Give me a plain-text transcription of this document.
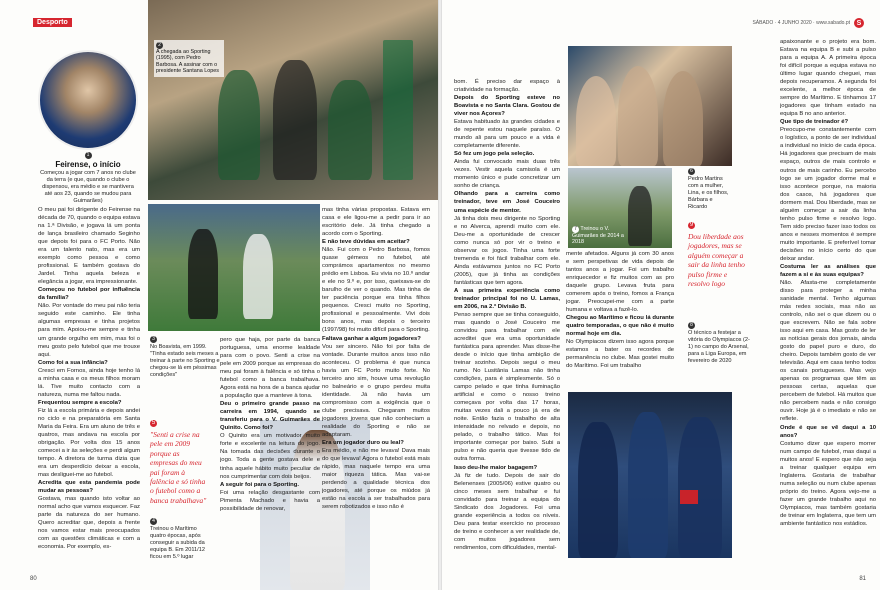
Desporto
1
Feirense, o início
Começou a jogar com 7 anos no clube da terra (e que, quando o clube o dispensou, era médio e se mantivera até aos 23, quando se mudou para Guimarães)
2
A chegada ao Sporting (1995), com Pedro Barbosa. A assinar com o presidente Santana Lopes
3
No Boavista, em 1999. "Tinha estado seis meses a treinar à parte no Sporting e chegou-se lá em péssimas condições"
5
"Senti a crise na pele em 2009 porque as empresas do meu pai foram à falência e só tinha o futebol como a banca trabalhava"
4
Treinou o Marítimo quatro épocas, após conseguir a subida da equipa B. Em 2011/12 ficou em 5.º lugar

O meu pai foi dirigente do Feirense na década de 70, quando o equipa estava na 1.ª Divisão, e jogava lá um ponta de lança brasileiro chamado Seginho que depois foi para o FC Porto. Não era um talento nato, mas era um exemplo como pessoa e como profissional. E também gostava do Jardel. Tinha aquela beleza e elegância a jogar, era impressionante.

Começou no futebol por influência da família?

Não. Por vontade do meu pai não teria seguido este caminho. Ele tinha algumas empresas e tinha projetos para mim. Apoiou-me sempre e tinha um grande orgulho em mim, mas foi o meu gosto pelo futebol que me trouxe aqui.

Como foi a sua infância?

Cresci em Fornos, ainda hoje tenho lá a minha casa e os meus filhos moram lá. Tive muito contacto com a natureza, numa me faltou nada.

Frequentou sempre a escola?

Fiz lá a escola primária e depois andei no ciclo e na preparatória em Santa Maria da Feira. Era um aluno de três e quatros, mas andava na escola por obrigação. Por volta dos 15 anos comecei a ir às seleções e perdi algum tempo. A diretora de turma dizia que era um desperdício deixar a escola, mas desliguei-me ao futebol.

Acredita que esta pandemia pode mudar as pessoas?

Gostava, mas quando isto voltar ao normal acho que vamos esquecer. Faz parte da natureza do ser humano. Quero acreditar que, depois a frente nos vamos estar mais preocupados com as questões climáticas e com a economia. Por exemplo, es-

pero que haja, por parte da banca portuguesa, uma enorme lealdade para com o povo. Senti a crise na pele em 2009 porque as empresas do meu pai foram à falência e só tinha o futebol como a banca trabalhava. Agora está na hora de a banca ajudar a população que a manteve à tona.

Deu o primeiro grande passo na carreira em 1994, quando se transferiu para o V. Guimarães de Quinito. Como foi?

O Quinito era um motivador muito forte e excelente na leitura do jogo. Na tomada das decisões durante o jogo. Toda a gente gostava dele e tinha aquele hábito muito peculiar de nos cumprimentar com dois beijos.

A seguir foi para o Sporting.

Foi uma relação desgastante com Pimenta Machado e havia a possibilidade de renovar,

mas tinha várias propostas. Estava em casa e ele ligou-me a pedir para ir ao escritório dele. Já tinha chegado a acordo com o Sporting.

E não teve dúvidas em aceitar?

Não. Fui com o Pedro Barbosa, fomos quase gémeos no futebol, até comprámos apartamentos no mesmo prédio em Lisboa. Eu vivia no 10.º andar e ele no 9.º e, por isso, queixava-se do barulho de ver o quando. Mas tinha de ter paciência porque era tinha filhos pequenos. Cresci muito no Sporting, profissional e pessoalmente. Vivi dois bons anos, mas depois o terceiro (1997/98) foi muito difícil para o Sporting.

Faltava ganhar a algum jogadores?

Vou ser sincero. Não foi por falta de vontade. Durante muitos anos isso não aconteceu. O problema é que nunca havia um FC Porto muito forte. No terceiro ano sim, houve uma revolução no balneário e o grupo perdeu muita identidade. Já não havia um compromisso com a exigência que o clube precisava. Chegaram muitos jogadores jovens que não conheciam a realidade do Sporting e não se adaptaram.

Era um jogador duro ou leal?

Era médio, e não me levava! Dava mais do que levava! Agora o futebol está mais rápido, mas naquele tempo era uma maior riqueza tática. Mas vai-se perdendo a qualidade técnica dos jogadores, até porque os miúdos já estão na escola a ser trabalhados para serem robotizados e isso não é

80
SÁBADO · 4 JUNHO 2020 · www.sabado.pt S

bom. É preciso dar espaço à criatividade na formação.

Depois do Sporting esteve no Boavista e no Santa Clara. Gostou de viver nos Açores?

Estava habituado às grandes cidades e de repente estou naquele paraíso. O mundo ali para um pouco e a vida é completamente diferente.

Só fez um jogo pela seleção.

Ainda fui convocado mais duas três vezes. Vestir aquela camisola é um momento único e pude concretizar um sonho de criança.

Olhando para a carreira como treinador, teve em José Couceiro uma espécie de mentor.

Já tinha dois meu dirigente no Sporting e no Alverca, aprendi muito com ele. Deu-me a oportunidade de crescer como nunca só por vir o treino e observar os jogos. Tinha uma forte tremenda e foi fácil trabalhar com ele. Ainda estávamos juntos no FC Porto (2005), que já tinha as condições fantásticas que tem agora.

A sua primeira experiência como treinador principal foi no U. Lamas, em 2006, na 2.ª Divisão B.

Penso sempre que se tinha conseguido, mas quando o José Couceiro me convidou para trabalhar com ele acreditei que era uma oportunidade fantástica para aprender. Mas disse-lhe desde o início que tinha ambição de treinar sozinho. Depois segui o meu rumo. No Lusitânia Lamas não tinha condições, para é simplesmente. Só o campo pelado e que tinha iluminação artificial e como o nosso treino começava por volta das 17 horas, muitas vezes dali a pouco já era de noite. Então fazia o trabalho de alta intensidade no relvado e depois, no pelado, o trabalho tático. Mas foi importante começar por baixo. Subi a pulso e não queria que tivesse tido de outra forma.

Isso deu-lhe maior bagagem?

Já fiz de tudo. Depois de sair do Belenenses (2005/06) estive quatro ou cinco meses sem trabalhar e fui convidado para treinar a equipa do Sindicato dos Jogadores. Foi uma grande experiência a todos os níveis. Deu para testar exercício no processo de treino e conhecer a ver realidade de, com muitos jogadores sem rendimentos, com dificuldades, mental-

mente afetados. Alguns já com 30 anos e sem perspetivas de vida depois de tantos anos a jogar. Foi um trabalho enriquecedor e fiz muitos com as pro daquele grupo. Levava fruta para comerem após o treino, fomos a França jogar. Preocupei-me com a parte humana e voltava a fazê-lo.

Chegou ao Marítimo e ficou lá durante quatro temporadas, o que não é muito normal hoje em dia.

No Olympiacos dizem isso agora porque estamos a bater os recordes de permanência no clube. Mas gostei muito do Marítimo. Foi um trabalho

apaixonante e o projeto era bom. Estava na equipa B e subi a pulso para a equipa A. A primeira época foi difícil porque a equipa estava no último lugar quando cheguei, mas depois recuperamos. A segunda foi excelente, a melhor época de sempre do Marítimo. E tínhamos 17 jogadores que tinham estado na equipa B no ano anterior.

Que tipo de treinador é?

Preocupo-me constantemente com o logístico, a ponto de ser individual a individual no inicio de cada época. Há jogadores que precisam de mais espaço, outros de mais controlo e outros de mais carinho. Eu percebo logo se um jogador dorme mal e isso acontece porque, na maioria dos casos, há jogadores que dormem mal. Dou liberdade, mas se alguém começar a sair da linha tenho pulso firme e resolvo logo. Tem sido preciso fazer isso todos os anos e nesses momentos é sempre muito importante. E preferível tomar decisões no início certo do que deixar andar.

Costuma ler as análises que fazem a si e às suas equipas?

Não. Afasta-me completamente disso para proteger a minha sanidade mental. Tenho algumas más redes sociais, mas não as controlo, não sei o que dizem ou o que escrevem. Não se fala sobre isso aqui em casa. Mas gosto de ler as notícias gerais dos jornais, ainda gosto do papel puro e duro, do cheiro. Depois também gosto de ver televisão. Aqui em casa tenho todos os canais portugueses. Mas vejo apenas os programas que têm as pessoas certas, aquelas que percebem de futebol. Há muitos que não percebem nada e não consigo ouvir. Hoje já é o imediato e não se reflete.

Onde é que se vê daqui a 10 anos?

Costumo dizer que espero morrer num campo de futebol, mas daqui a muitos anos! E espero que não seja a treinar qualquer equipa em Inglaterra. Gostaria de trabalhar numa seleção ou num clube apenas próprio do treino. Agora vejo-me a fazer um grande trabalho aqui no Olympiacos, mas também gostaria de treinar em Inglaterra, que tem um ambiente fantástico nos estádios.

7 Treinou o V. Guimarães de 2014 a 2018
6
Pedro Martins com a mulher, Lina, e os filhos, Bárbara e Ricardo
9
Dou liberdade aos jogadores, mas se alguém começar a sair da linha tenho pulso firme e resolvo logo
8
O técnico a festejar a vitória do Olympiacos (2-1) no campo do Arsenal, para a Liga Europa, em fevereiro de 2020
81
